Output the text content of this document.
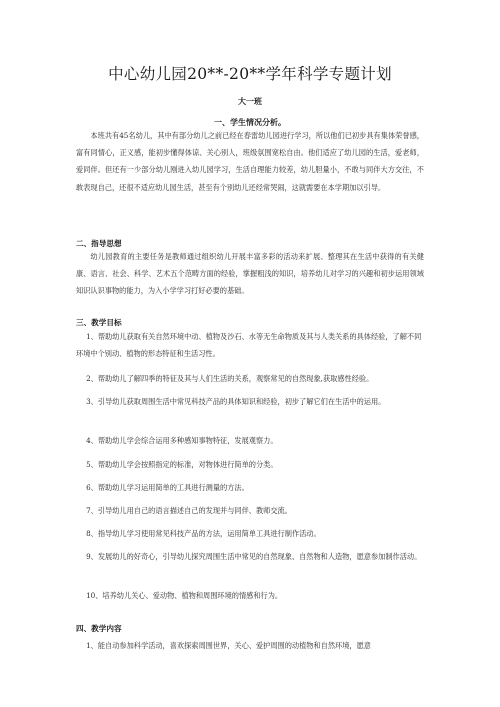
中心幼儿园20**-20**学年科学专题计划
大一班
一、学生情况分析。

本班共有45名幼儿，其中有部分幼儿之前已经在春雷幼儿园进行学习，所以他们已初步具有集体荣誉感，富有同情心，正义感，能初步懂得体谅、关心别人，班级氛围宽松自由。他们适应了幼儿园的生活，爱老师，爱同伴。但还有一少部分幼儿刚进入幼儿园学习，生活自理能力较差，幼儿胆量小，不敢与同伴大方交往，不敢表现自己，还很不适应幼儿园生活，甚至有个别幼儿还经常哭闹，这就需要在本学期加以引导。

二、指导思想

幼儿园教育的主要任务是教师通过组织幼儿开展丰富多彩的活动来扩展、整理其在生活中获得的有关健康、语言、社会、科学、艺术五个范畴方面的经验，掌握粗浅的知识，培养幼儿对学习的兴趣和初步运用领域知识认识事物的能力，为入小学学习打好必要的基础。

三、教学目标

1、帮助幼儿获取有关自然环境中动、植物及沙石、水等无生命物质及其与人类关系的具体经验，了解不同环境中个别动、植物的形态特征和生活习性。

2、帮助幼儿了解四季的特征及其与人们生活的关系，观察常见的自然现象,获取感性经验。

3、引导幼儿获取周围生活中常见科技产品的具体知识和经验，初步了解它们在生活中的运用。

4、帮助幼儿学会综合运用多种感知事物特征，发展观察力。

5、帮助幼儿学会按照指定的标准，对物体进行简单的分类。

6、帮助幼儿学习运用简单的工具进行测量的方法。

7、引导幼儿用自己的语言描述自己的发现并与同伴、教师交流。

8、指导幼儿学习使用常见科技产品的方法，运用简单工具进行制作活动。

9、发展幼儿的好奇心，引导幼儿探究周围生活中常见的自然现象、自然物和人造物，愿意参加制作活动。

10、培养幼儿关心、爱动物、植物和周围环境的情感和行为。

四、教学内容

1、能自动参加科学活动，喜欢探索周围世界，关心、爱护周围的动植物和自然环境，愿意
